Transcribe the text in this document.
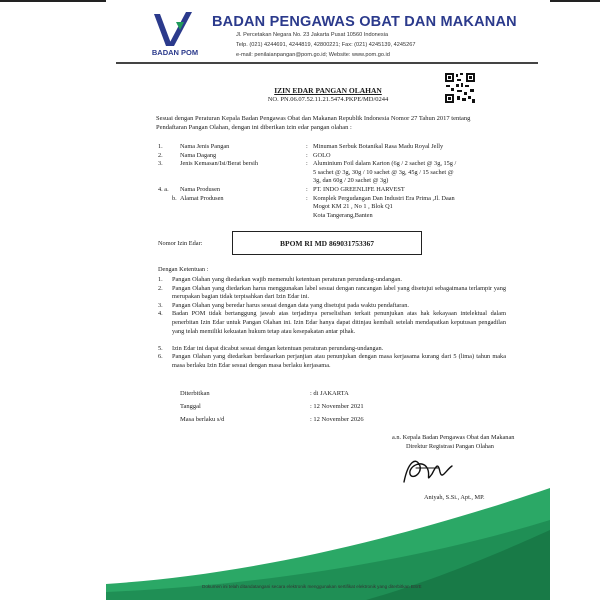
BADAN POM
BADAN PENGAWAS OBAT DAN MAKANAN
Jl. Percetakan Negara No. 23 Jakarta Pusat 10560 Indonesia
Telp. (021) 4244691, 4244819, 42800221; Fax: (021) 4245139, 4245267
e-mail: penilaianpangan@pom.go.id; Website: www.pom.go.id
IZIN EDAR PANGAN OLAHAN
NO. PN.06.07.52.11.21.5474.PKPE/MD/0244
Sesuai dengan Peraturan Kepala Badan Pengawas Obat dan Makanan Republik Indonesia Nomor 27 Tahun 2017 tentang Pendaftaran Pangan Olahan, dengan ini diberikan izin edar pangan olahan :
1.	Nama Jenis Pangan	: Minuman Serbuk Botanikal Rasa Madu Royal Jelly
2.	Nama Dagang	: GOLO
3.	Jenis Kemasan/Isi/Berat bersih	: Aluminium Foil dalam Karton (6g / 2 sachet @ 3g, 15g /
5 sachet @ 3g, 30g / 10 sachet @ 3g, 45g / 15 sachet @
3g, dan 60g / 20 sachet @ 3g)
4. a. Nama Produsen	: PT. INDO GREENLIFE HARVEST
b. Alamat Produsen	: Komplek Pergudangan Dan Industri Era Prima ,Jl. Daan
Mogot KM 21 , No 1 , Blok Q1
Kota Tangerang,Banten
Nomor Izin Edar:	BPOM RI MD 869031753367
Dengan Ketentuan :
1. Pangan Olahan yang diedarkan wajib memenuhi ketentuan peraturan perundang-undangan.
2. Pangan Olahan yang diedarkan harus menggunakan label sesuai dengan rancangan label yang disetujui sebagaimana terlampir yang merupakan bagian tidak terpisahkan dari Izin Edar ini.
3. Pangan Olahan yang beredar harus sesuai dengan data yang disetujui pada waktu pendaftaran.
4. Badan POM tidak bertanggung jawab atas terjadinya perselisihan terkait penunjukan atas hak kekayaan intelektual dalam penerbitan Izin Edar untuk Pangan Olahan ini. Izin Edar hanya dapat ditinjau kembali setelah mendapatkan keputusan pengadilan yang telah memiliki kekuatan hukum tetap atau kesepakatan antar pihak.
5. Izin Edar ini dapat dicabut sesuai dengan ketentuan peraturan perundang-undangan.
6. Pangan Olahan yang diedarkan berdasarkan perjanjian atau penunjukan dengan masa kerjasama kurang dari 5 (lima) tahun maka masa berlaku Izin Edar sesuai dengan masa berlaku kerjasama.
Diterbitkan	: di JAKARTA
Tanggal	: 12 November 2021
Masa berlaku s/d	: 12 November 2026
a.n. Kepala Badan Pengawas Obat dan Makanan
Direktur Registrasi Pangan Olahan
Aniyah, S.Si., Apt., MP.
Dokumen ini telah ditandatangani secara elektronik menggunakan sertifikat elektronik yang diterbitkan BSrE
